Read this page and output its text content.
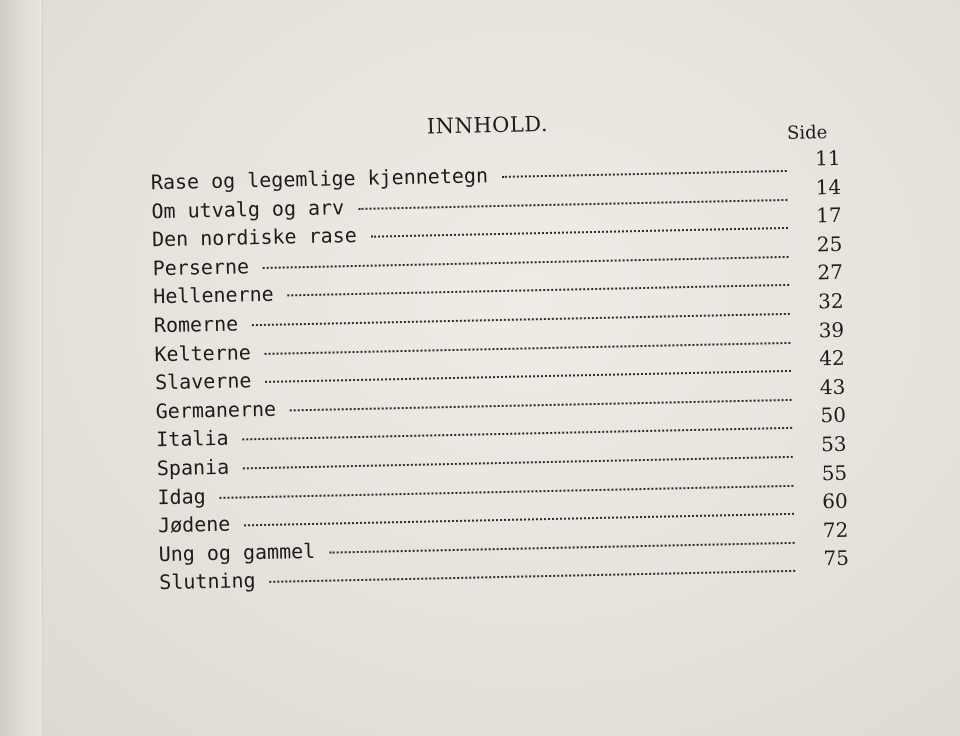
INNHOLD.	Side
Rase og legemlige kjennetegn
11
Om utvalg og arv
14
Den nordiske rase
17
Perserne
25
Hellenerne
27
Romerne
32
Kelterne
39
Slaverne
42
Germanerne
43
Italia
50
Spania
53
Idag
55
Jødene
60
Ung og gammel
72
Slutning
75
